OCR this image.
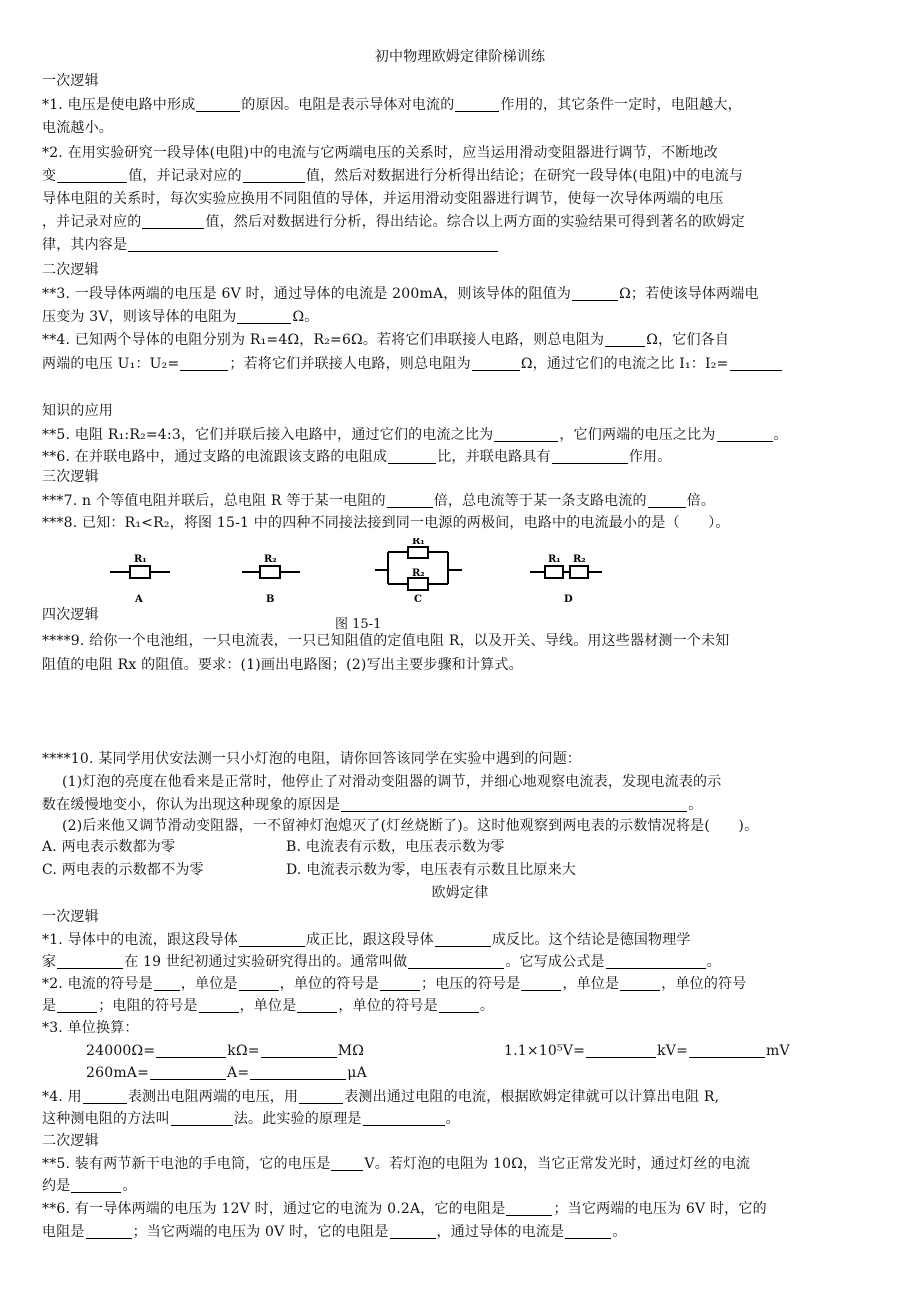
初中物理欧姆定律阶梯训练
一次逻辑
*1. 电压是使电路中形成	的原因。电阻是表示导体对电流的	作用的，其它条件一定时，电阻越大，
电流越小。
*2. 在用实验研究一段导体(电阻)中的电流与它两端电压的关系时，应当运用滑动变阻器进行调节，不断地改
变	值，并记录对应的	值，然后对数据进行分析得出结论；在研究一段导体(电阻)中的电流与
导体电阻的关系时，每次实验应换用不同阻值的导体，并运用滑动变阻器进行调节，使每一次导体两端的电压
，并记录对应的	值，然后对数据进行分析，得出结论。综合以上两方面的实验结果可得到著名的欧姆定
律，其内容是
二次逻辑
**3. 一段导体两端的电压是 6V 时，通过导体的电流是 200mA，则该导体的阻值为	Ω；若使该导体两端电
压变为 3V，则该导体的电阻为	Ω。
**4. 已知两个导体的电阻分别为 R₁=4Ω，R₂=6Ω。若将它们串联接人电路，则总电阻为	Ω，它们各自
两端的电压 U₁：U₂=	；若将它们并联接人电路，则总电阻为	Ω，通过它们的电流之比 I₁：I₂=
知识的应用
**5. 电阻 R₁:R₂=4:3，它们并联后接入电路中，通过它们的电流之比为	，它们两端的电压之比为	。
**6. 在并联电路中，通过支路的电流跟该支路的电阻成	比，并联电路具有	作用。
三次逻辑
***7. n 个等值电阻并联后，总电阻 R 等于某一电阻的	倍，总电流等于某一条支路电流的	倍。
***8. 已知：R₁<R₂，将图 15-1 中的四种不同接法接到同一电源的两极间，电路中的电流最小的是（　　）。
R₁	R₂
R₁
R₂
R₁ R₂
A	B	C	D
四次逻辑
图 15-1
****9. 给你一个电池组，一只电流表，一只已知阻值的定值电阻 R，以及开关、导线。用这些器材测一个未知
阻值的电阻 Rx 的阻值。要求：(1)画出电路图；(2)写出主要步骤和计算式。
****10. 某同学用伏安法测一只小灯泡的电阻，请你回答该同学在实验中遇到的问题：
(1)灯泡的亮度在他看来是正常时，他停止了对滑动变阻器的调节，并细心地观察电流表，发现电流表的示
数在缓慢地变小，你认为出现这种现象的原因是	。
(2)后来他又调节滑动变阻器，一不留神灯泡熄灭了(灯丝烧断了)。这时他观察到两电表的示数情况将是(　　)。
A. 两电表示数都为零	B. 电流表有示数，电压表示数为零
C. 两电表的示数都不为零	D. 电流表示数为零，电压表有示数且比原来大
欧姆定律
一次逻辑
*1. 导体中的电流，跟这段导体	成正比，跟这段导体	成反比。这个结论是德国物理学
家	在 19 世纪初通过实验研究得出的。通常叫做	。它写成公式是	。
*2. 电流的符号是 ，单位是	，单位的符号是	；电压的符号是	，单位是	，单位的符号
是	；电阻的符号是	，单位是	，单位的符号是	。
*3. 单位换算：
24000Ω=	kΩ=	MΩ	1.1×10⁵V=	kV=	mV
260mA=	A=	μA
*4. 用	表测出电阻两端的电压，用	表测出通过电阻的电流，根据欧姆定律就可以计算出电阻 R,
这种测电阻的方法叫	法。此实验的原理是	。
二次逻辑
**5. 装有两节新干电池的手电筒，它的电压是 V。若灯泡的电阻为 10Ω，当它正常发光时，通过灯丝的电流
约是	。
**6. 有一导体两端的电压为 12V 时，通过它的电流为 0.2A，它的电阻是	；当它两端的电压为 6V 时，它的
电阻是	；当它两端的电压为 0V 时，它的电阻是	，通过导体的电流是	。
